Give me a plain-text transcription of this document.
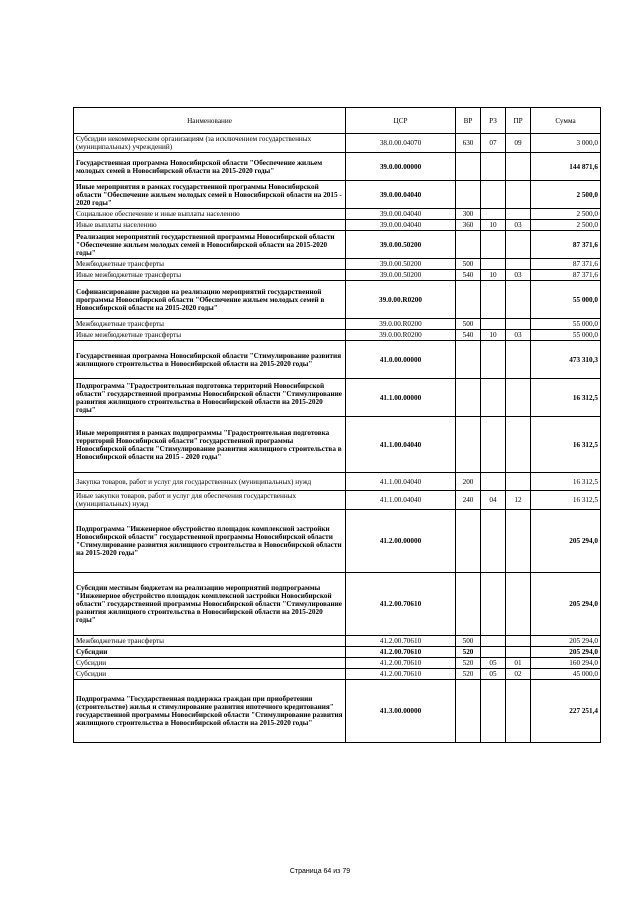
Наименование	ЦСР	ВР	РЗ	ПР	Сумма
Субсидии некоммерческим организациям (за исключением государственных (муниципальных) учреждений)	38.0.00.04070	630	07	09	3 000,0
Государственная программа Новосибирской области "Обеспечение жильем молодых семей в Новосибирской области на 2015-2020 годы"	39.0.00.00000				144 871,6
Иные мероприятия в рамках государственной программы Новосибирской области "Обеспечение жильем молодых семей в Новосибирской области на 2015 - 2020 годы"	39.0.00.04040				2 500,0
Социальное обеспечение и иные выплаты населению	39.0.00.04040	300			2 500,0
Иные выплаты населению	39.0.00.04040	360	10	03	2 500,0
Реализация мероприятий государственной программы Новосибирской области "Обеспечение жильем молодых семей в Новосибирской области на 2015-2020 годы"	39.0.00.50200				87 371,6
Межбюджетные трансферты	39.0.00.50200	500			87 371,6
Иные межбюджетные трансферты	39.0.00.50200	540	10	03	87 371,6
Софинансирование расходов на реализацию мероприятий государственной программы Новосибирской области "Обеспечение жильем молодых семей в Новосибирской области на 2015-2020 годы"	39.0.00.R0200				55 000,0
Межбюджетные трансферты	39.0.00.R0200	500			55 000,0
Иные межбюджетные трансферты	39.0.00.R0200	540	10	03	55 000,0
Государственная программа Новосибирской области "Стимулирование развития жилищного строительства в Новосибирской области на 2015-2020 годы"	41.0.00.00000				473 310,3
Подпрограмма "Градостроительная подготовка территорий Новосибирской области" государственной программы Новосибирской области "Стимулирование развития жилищного строительства в Новосибирской области на 2015-2020 годы"	41.1.00.00000				16 312,5
Иные мероприятия в рамках подпрограммы "Градостроительная подготовка территорий Новосибирской области" государственной программы Новосибирской области "Стимулирование развития жилищного строительства в Новосибирской области на 2015 - 2020 годы"	41.1.00.04040				16 312,5
Закупка товаров, работ и услуг для государственных (муниципальных) нужд	41.1.00.04040	200			16 312,5
Иные закупки товаров, работ и услуг для обеспечения государственных (муниципальных) нужд	41.1.00.04040	240	04	12	16 312,5
Подпрограмма "Инженерное обустройство площадок комплексной застройки Новосибирской области" государственной программы Новосибирской области "Стимулирование развития жилищного строительства в Новосибирской области на 2015-2020 годы"	41.2.00.00000				205 294,0
Субсидии местным бюджетам на реализацию мероприятий подпрограммы "Инженерное обустройство площадок комплексной застройки Новосибирской области" государственной программы Новосибирской области "Стимулирование развития жилищного строительства в Новосибирской области на 2015-2020 годы"	41.2.00.70610				205 294,0
Межбюджетные трансферты	41.2.00.70610	500			205 294,0
Субсидии	41.2.00.70610	520			205 294,0
Субсидии	41.2.00.70610	520	05	01	160 294,0
Субсидии	41.2.00.70610	520	05	02	45 000,0
Подпрограмма "Государственная поддержка граждан при приобретении (строительстве) жилья и стимулирование развития ипотечного кредитования" государственной программы Новосибирской области "Стимулирование развития жилищного строительства в Новосибирской области на 2015-2020 годы"	41.3.00.00000				227 251,4
Страница 64 из 79
